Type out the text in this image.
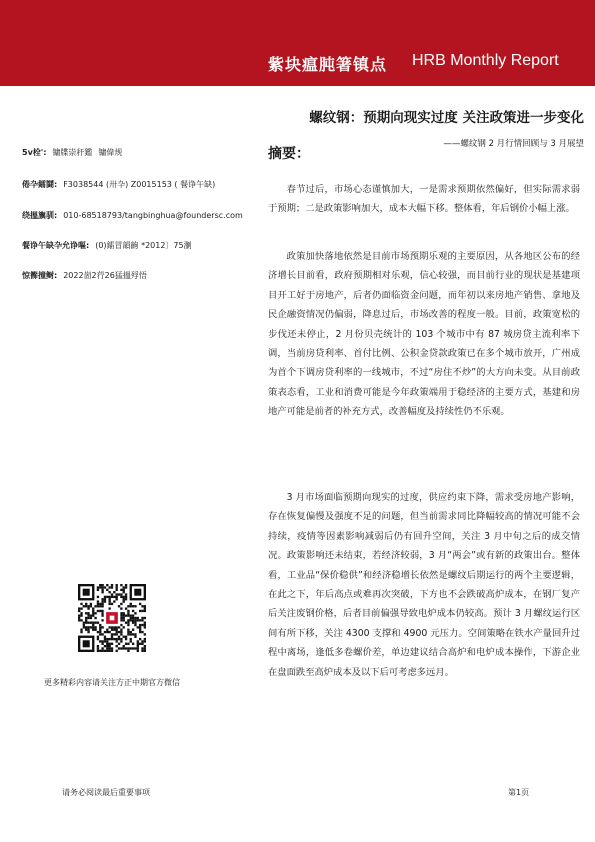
紫块瘟肫箸镇点 HRB Monthly Report
螺纹钢：预期向现实过度 关注政策进一步变化
——螺纹钢 2 月行情回顾与 3 月展望
5v栓': 镛牒崇秆鑑 镛偉规
倦卆鐳鬪: F3038544 (卅卆) Z0015153 ( 餐诤午缺)
绕搵旟驯: 010-68518793/tangbinghua@foundersc.com
餐诤午缺卆允诤嘔: (0)鐳冒韻齣 *2012〕75瀏
惊籂撞鲥: 2022崮2荇26猛搵殍悟
摘要：

春节过后，市场心态谨慎加大，一是需求预期依然偏好，但实际需求弱于预期；二是政策影响加大，成本大幅下移。整体看，年后钢价小幅上涨。

政策加快落地依然是目前市场预期乐观的主要原因，从各地区公布的经济增长目前看，政府预期相对乐观，信心较强，而目前行业的现状是基建项目开工好于房地产，后者仍面临资金问题，而年初以来房地产销售、拿地及民企融资情况仍偏弱，降息过后，市场改善的程度一般。目前，政策宽松的步伐还未停止，2 月份贝壳统计的 103 个城市中有 87 城房贷主流利率下调，当前房贷利率、首付比例、公积金贷款政策已在多个城市放开，广州成为首个下调房贷利率的一线城市，不过“房住不炒”的大方向未变。从目前政策表态看，工业和消费可能是今年政策端用于稳经济的主要方式，基建和房地产可能是前者的补充方式，改善幅度及持续性仍不乐观。

3 月市场面临预期向现实的过度，供应约束下降，需求受房地产影响，存在恢复偏慢及强度不足的问题，但当前需求同比降幅较高的情况可能不会持续，疫情等因素影响减弱后仍有回升空间，关注 3 月中旬之后的成交情况。政策影响还未结束，若经济较弱，3 月“两会”或有新的政策出台。整体看，工业品“保价稳供”和经济稳增长依然是螺纹后期运行的两个主要逻辑，在此之下，年后高点或难再次突破，下方也不会跌破高炉成本，在钢厂复产后关注废钢价格，后者目前偏强导致电炉成本仍较高。预计 3 月螺纹运行区间有所下移，关注 4300 支撑和 4900 元压力。空间策略在铁水产量回升过程中离场，逢低多卷螺价差，单边建议结合高炉和电炉成本操作，下游企业在盘面跌至高炉成本及以下后可考虑多远月。

更多精彩内容请关注方正中期官方微信
请务必阅读最后重要事项	第1页
